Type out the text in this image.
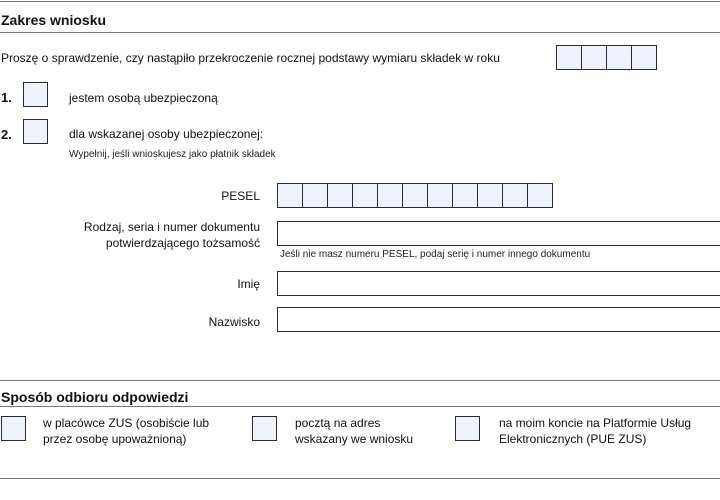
Zakres wniosku
Proszę o sprawdzenie, czy nastąpiło przekroczenie rocznej podstawy wymiaru składek w roku
1.	jestem osobą ubezpieczoną
2.	dla wskazanej osoby ubezpieczonej:
Wypełnij, jeśli wnioskujesz jako płatnik składek
PESEL
Rodzaj, seria i numer dokumentu
potwierdzającego tożsamość
Jeśli nie masz numeru PESEL, podaj serię i numer innego dokumentu
Imię
Nazwisko
Sposób odbioru odpowiedzi
w placówce ZUS (osobiście lub
przez osobę upoważnioną)
pocztą na adres
wskazany we wniosku
na moim koncie na Platformie Usług
Elektronicznych (PUE ZUS)
